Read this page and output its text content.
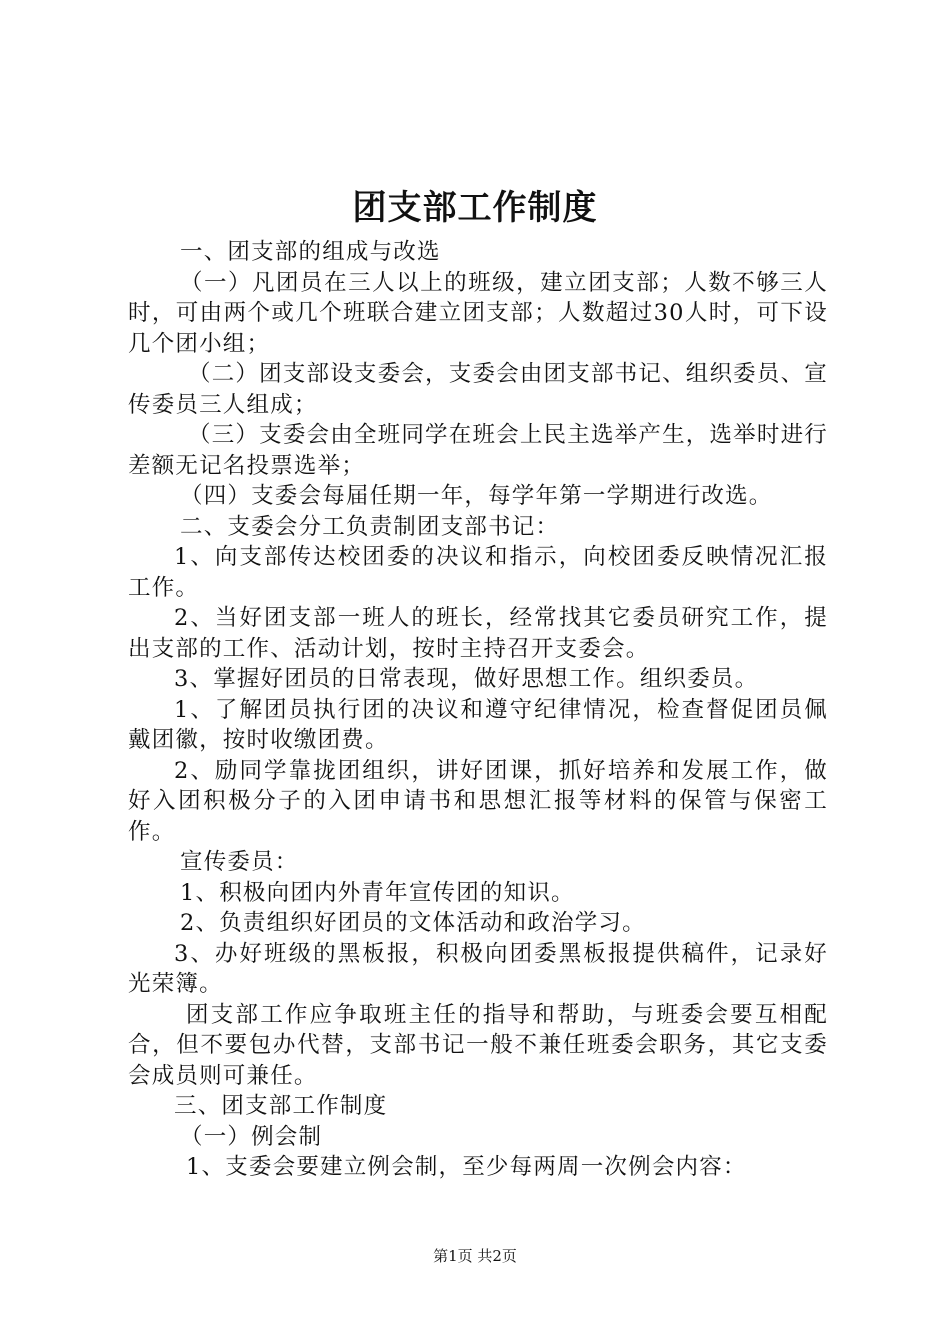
团支部工作制度

一、团支部的组成与改选

（一）凡团员在三人以上的班级，建立团支部；人数不够三人时，可由两个或几个班联合建立团支部；人数超过30人时，可下设几个团小组；

（二）团支部设支委会，支委会由团支部书记、组织委员、宣传委员三人组成；

（三）支委会由全班同学在班会上民主选举产生，选举时进行差额无记名投票选举；

（四）支委会每届任期一年，每学年第一学期进行改选。

二、支委会分工负责制团支部书记：

1、向支部传达校团委的决议和指示，向校团委反映情况汇报工作。

2、当好团支部一班人的班长，经常找其它委员研究工作，提出支部的工作、活动计划，按时主持召开支委会。

3、掌握好团员的日常表现，做好思想工作。组织委员。

1、了解团员执行团的决议和遵守纪律情况，检查督促团员佩戴团徽，按时收缴团费。

2、励同学靠拢团组织，讲好团课，抓好培养和发展工作，做好入团积极分子的入团申请书和思想汇报等材料的保管与保密工作。

宣传委员：

1、积极向团内外青年宣传团的知识。

2、负责组织好团员的文体活动和政治学习。

3、办好班级的黑板报，积极向团委黑板报提供稿件，记录好光荣簿。

团支部工作应争取班主任的指导和帮助，与班委会要互相配合，但不要包办代替，支部书记一般不兼任班委会职务，其它支委会成员则可兼任。

三、团支部工作制度

（一）例会制

1、支委会要建立例会制，至少每两周一次例会内容：

第1页 共2页
